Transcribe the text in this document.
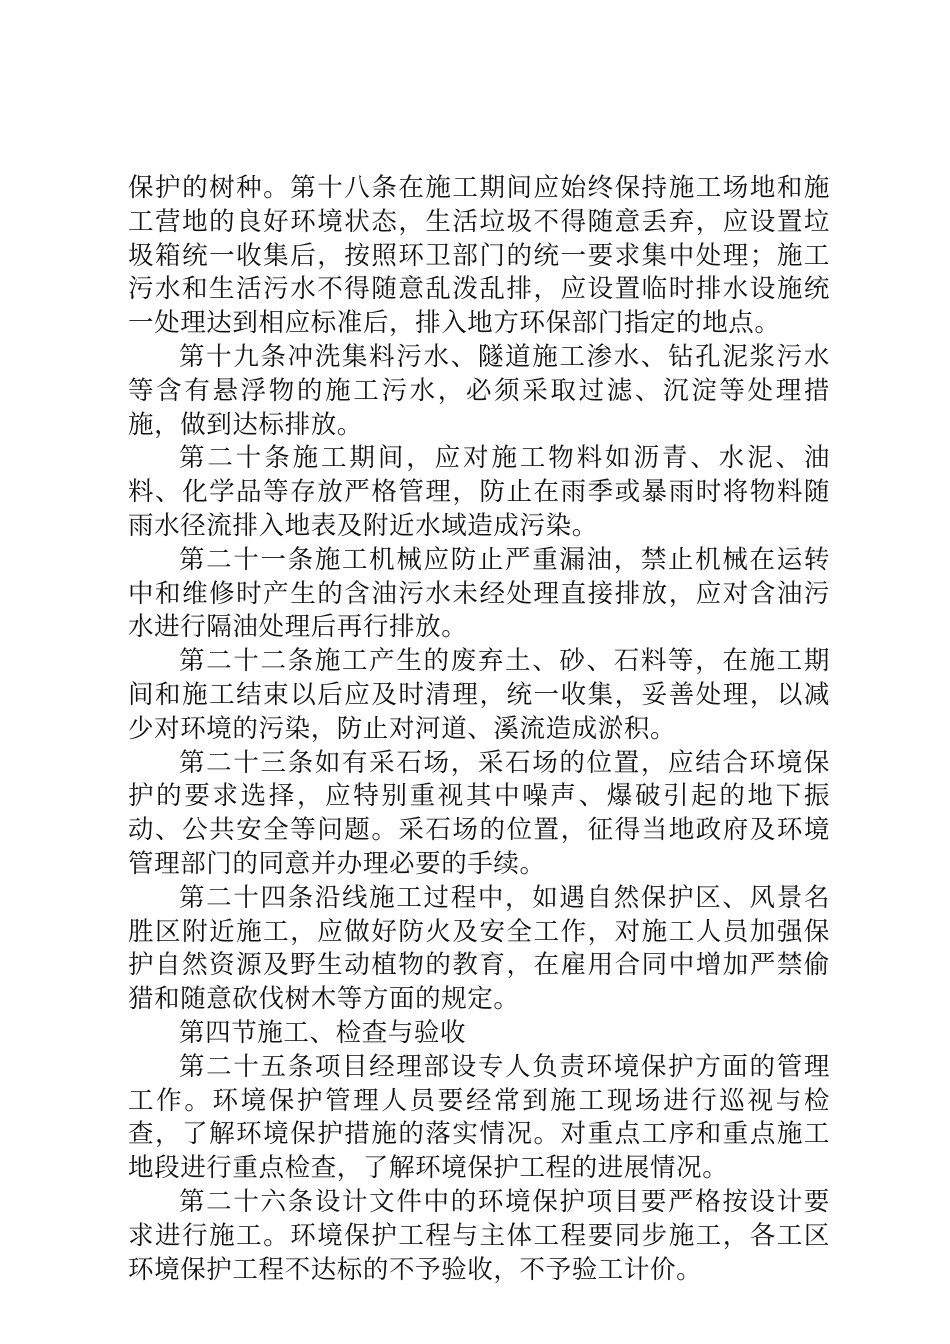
保护的树种。第十八条在施工期间应始终保持施工场地和施工营地的良好环境状态，生活垃圾不得随意丢弃，应设置垃圾箱统一收集后，按照环卫部门的统一要求集中处理；施工污水和生活污水不得随意乱泼乱排，应设置临时排水设施统一处理达到相应标准后，排入地方环保部门指定的地点。

第十九条冲洗集料污水、隧道施工渗水、钻孔泥浆污水等含有悬浮物的施工污水，必须采取过滤、沉淀等处理措施，做到达标排放。

第二十条施工期间，应对施工物料如沥青、水泥、油料、化学品等存放严格管理，防止在雨季或暴雨时将物料随雨水径流排入地表及附近水域造成污染。

第二十一条施工机械应防止严重漏油，禁止机械在运转中和维修时产生的含油污水未经处理直接排放，应对含油污水进行隔油处理后再行排放。

第二十二条施工产生的废弃土、砂、石料等，在施工期间和施工结束以后应及时清理，统一收集，妥善处理，以减少对环境的污染，防止对河道、溪流造成淤积。

第二十三条如有采石场，采石场的位置，应结合环境保护的要求选择，应特别重视其中噪声、爆破引起的地下振动、公共安全等问题。采石场的位置，征得当地政府及环境管理部门的同意并办理必要的手续。

第二十四条沿线施工过程中，如遇自然保护区、风景名胜区附近施工，应做好防火及安全工作，对施工人员加强保护自然资源及野生动植物的教育，在雇用合同中增加严禁偷猎和随意砍伐树木等方面的规定。

第四节施工、检查与验收

第二十五条项目经理部设专人负责环境保护方面的管理工作。环境保护管理人员要经常到施工现场进行巡视与检查，了解环境保护措施的落实情况。对重点工序和重点施工地段进行重点检查，了解环境保护工程的进展情况。

第二十六条设计文件中的环境保护项目要严格按设计要求进行施工。环境保护工程与主体工程要同步施工，各工区环境保护工程不达标的不予验收，不予验工计价。
